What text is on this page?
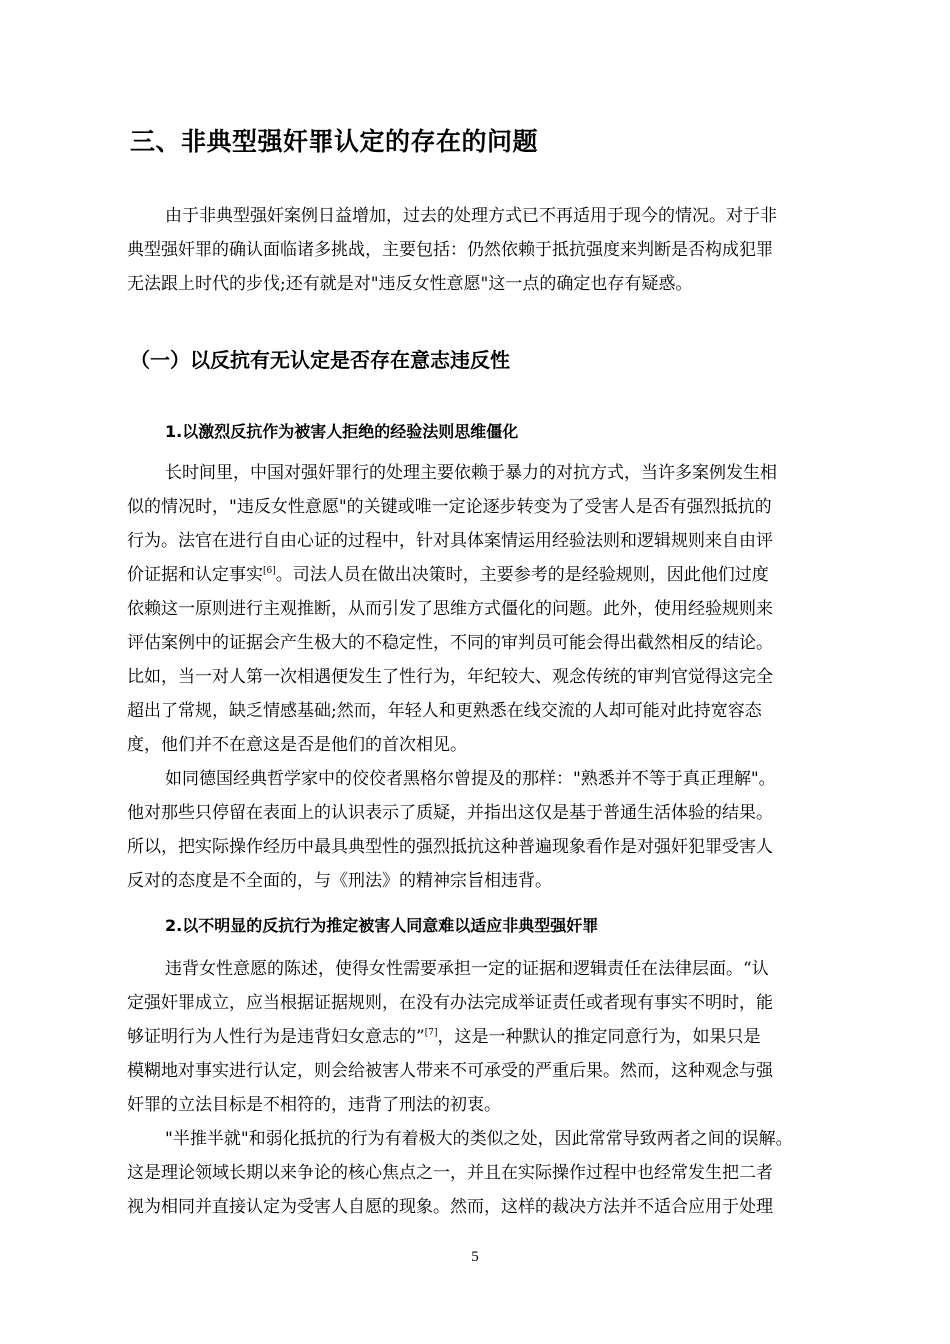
三、非典型强奸罪认定的存在的问题
由于非典型强奸案例日益增加，过去的处理方式已不再适用于现今的情况。对于非
典型强奸罪的确认面临诸多挑战，主要包括：仍然依赖于抵抗强度来判断是否构成犯罪
无法跟上时代的步伐;还有就是对"违反女性意愿"这一点的确定也存有疑惑。
（一）以反抗有无认定是否存在意志违反性
1.以激烈反抗作为被害人拒绝的经验法则思维僵化
长时间里，中国对强奸罪行的处理主要依赖于暴力的对抗方式，当许多案例发生相
似的情况时，"违反女性意愿"的关键或唯一定论逐步转变为了受害人是否有强烈抵抗的
行为。法官在进行自由心证的过程中，针对具体案情运用经验法则和逻辑规则来自由评
价证据和认定事实[6]。司法人员在做出决策时，主要参考的是经验规则，因此他们过度
依赖这一原则进行主观推断，从而引发了思维方式僵化的问题。此外，使用经验规则来
评估案例中的证据会产生极大的不稳定性，不同的审判员可能会得出截然相反的结论。
比如，当一对人第一次相遇便发生了性行为，年纪较大、观念传统的审判官觉得这完全
超出了常规，缺乏情感基础;然而，年轻人和更熟悉在线交流的人却可能对此持宽容态
度，他们并不在意这是否是他们的首次相见。
如同德国经典哲学家中的佼佼者黑格尔曾提及的那样："熟悉并不等于真正理解"。
他对那些只停留在表面上的认识表示了质疑，并指出这仅是基于普通生活体验的结果。
所以，把实际操作经历中最具典型性的强烈抵抗这种普遍现象看作是对强奸犯罪受害人
反对的态度是不全面的，与《刑法》的精神宗旨相违背。
2.以不明显的反抗行为推定被害人同意难以适应非典型强奸罪
违背女性意愿的陈述，使得女性需要承担一定的证据和逻辑责任在法律层面。“认
定强奸罪成立，应当根据证据规则，在没有办法完成举证责任或者现有事实不明时，能
够证明行为人性行为是违背妇女意志的”[7]，这是一种默认的推定同意行为，如果只是
模糊地对事实进行认定，则会给被害人带来不可承受的严重后果。然而，这种观念与强
奸罪的立法目标是不相符的，违背了刑法的初衷。
"半推半就"和弱化抵抗的行为有着极大的类似之处，因此常常导致两者之间的误解。
这是理论领域长期以来争论的核心焦点之一，并且在实际操作过程中也经常发生把二者
视为相同并直接认定为受害人自愿的现象。然而，这样的裁决方法并不适合应用于处理
5
